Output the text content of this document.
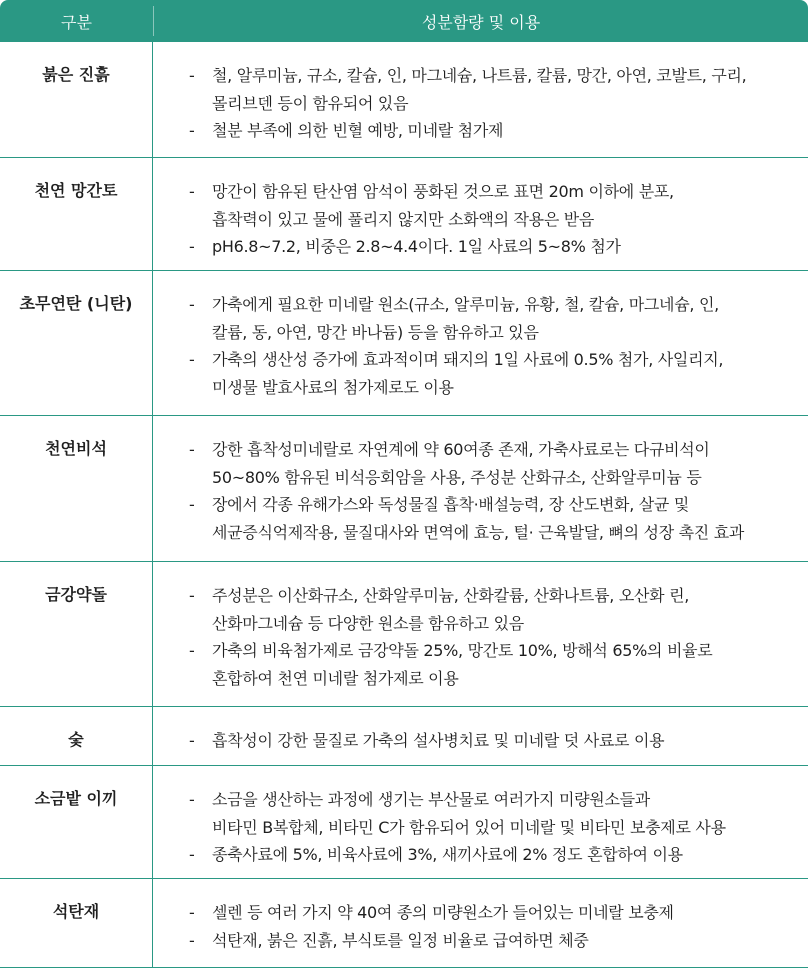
구분	성분함량 및 이용
붉은 진흙	- 철, 알루미늄, 규소, 칼슘, 인, 마그네슘, 나트륨, 칼륨, 망간, 아연, 코발트, 구리,
몰리브덴 등이 함유되어 있음
- 철분 부족에 의한 빈혈 예방, 미네랄 첨가제
천연 망간토	- 망간이 함유된 탄산염 암석이 풍화된 것으로 표면 20m 이하에 분포,
흡착력이 있고 물에 풀리지 않지만 소화액의 작용은 받음
- pH6.8~7.2, 비중은 2.8~4.4이다. 1일 사료의 5~8% 첨가
초무연탄 (니탄)	- 가축에게 필요한 미네랄 원소(규소, 알루미늄, 유황, 철, 칼슘, 마그네슘, 인,
칼륨, 동, 아연, 망간 바나듐) 등을 함유하고 있음
- 가축의 생산성 증가에 효과적이며 돼지의 1일 사료에 0.5% 첨가, 사일리지,
미생물 발효사료의 첨가제로도 이용
천연비석	- 강한 흡착성미네랄로 자연계에 약 60여종 존재, 가축사료로는 다규비석이
50~80% 함유된 비석응회암을 사용, 주성분 산화규소, 산화알루미늄 등
- 장에서 각종 유해가스와 독성물질 흡착·배설능력, 장 산도변화, 살균 및
세균증식억제작용, 물질대사와 면역에 효능, 털· 근육발달, 뼈의 성장 촉진 효과
금강약돌	- 주성분은 이산화규소, 산화알루미늄, 산화칼륨, 산화나트륨, 오산화 린,
산화마그네슘 등 다양한 원소를 함유하고 있음
- 가축의 비육첨가제로 금강약돌 25%, 망간토 10%, 방해석 65%의 비율로
혼합하여 천연 미네랄 첨가제로 이용
숯	- 흡착성이 강한 물질로 가축의 설사병치료 및 미네랄 덧 사료로 이용
소금밭 이끼	- 소금을 생산하는 과정에 생기는 부산물로 여러가지 미량원소들과
비타민 B복합체, 비타민 C가 함유되어 있어 미네랄 및 비타민 보충제로 사용
- 종축사료에 5%, 비육사료에 3%, 새끼사료에 2% 정도 혼합하여 이용
석탄재	- 셀렌 등 여러 가지 약 40여 종의 미량원소가 들어있는 미네랄 보충제
- 석탄재, 붉은 진흙, 부식토를 일정 비율로 급여하면 체중
